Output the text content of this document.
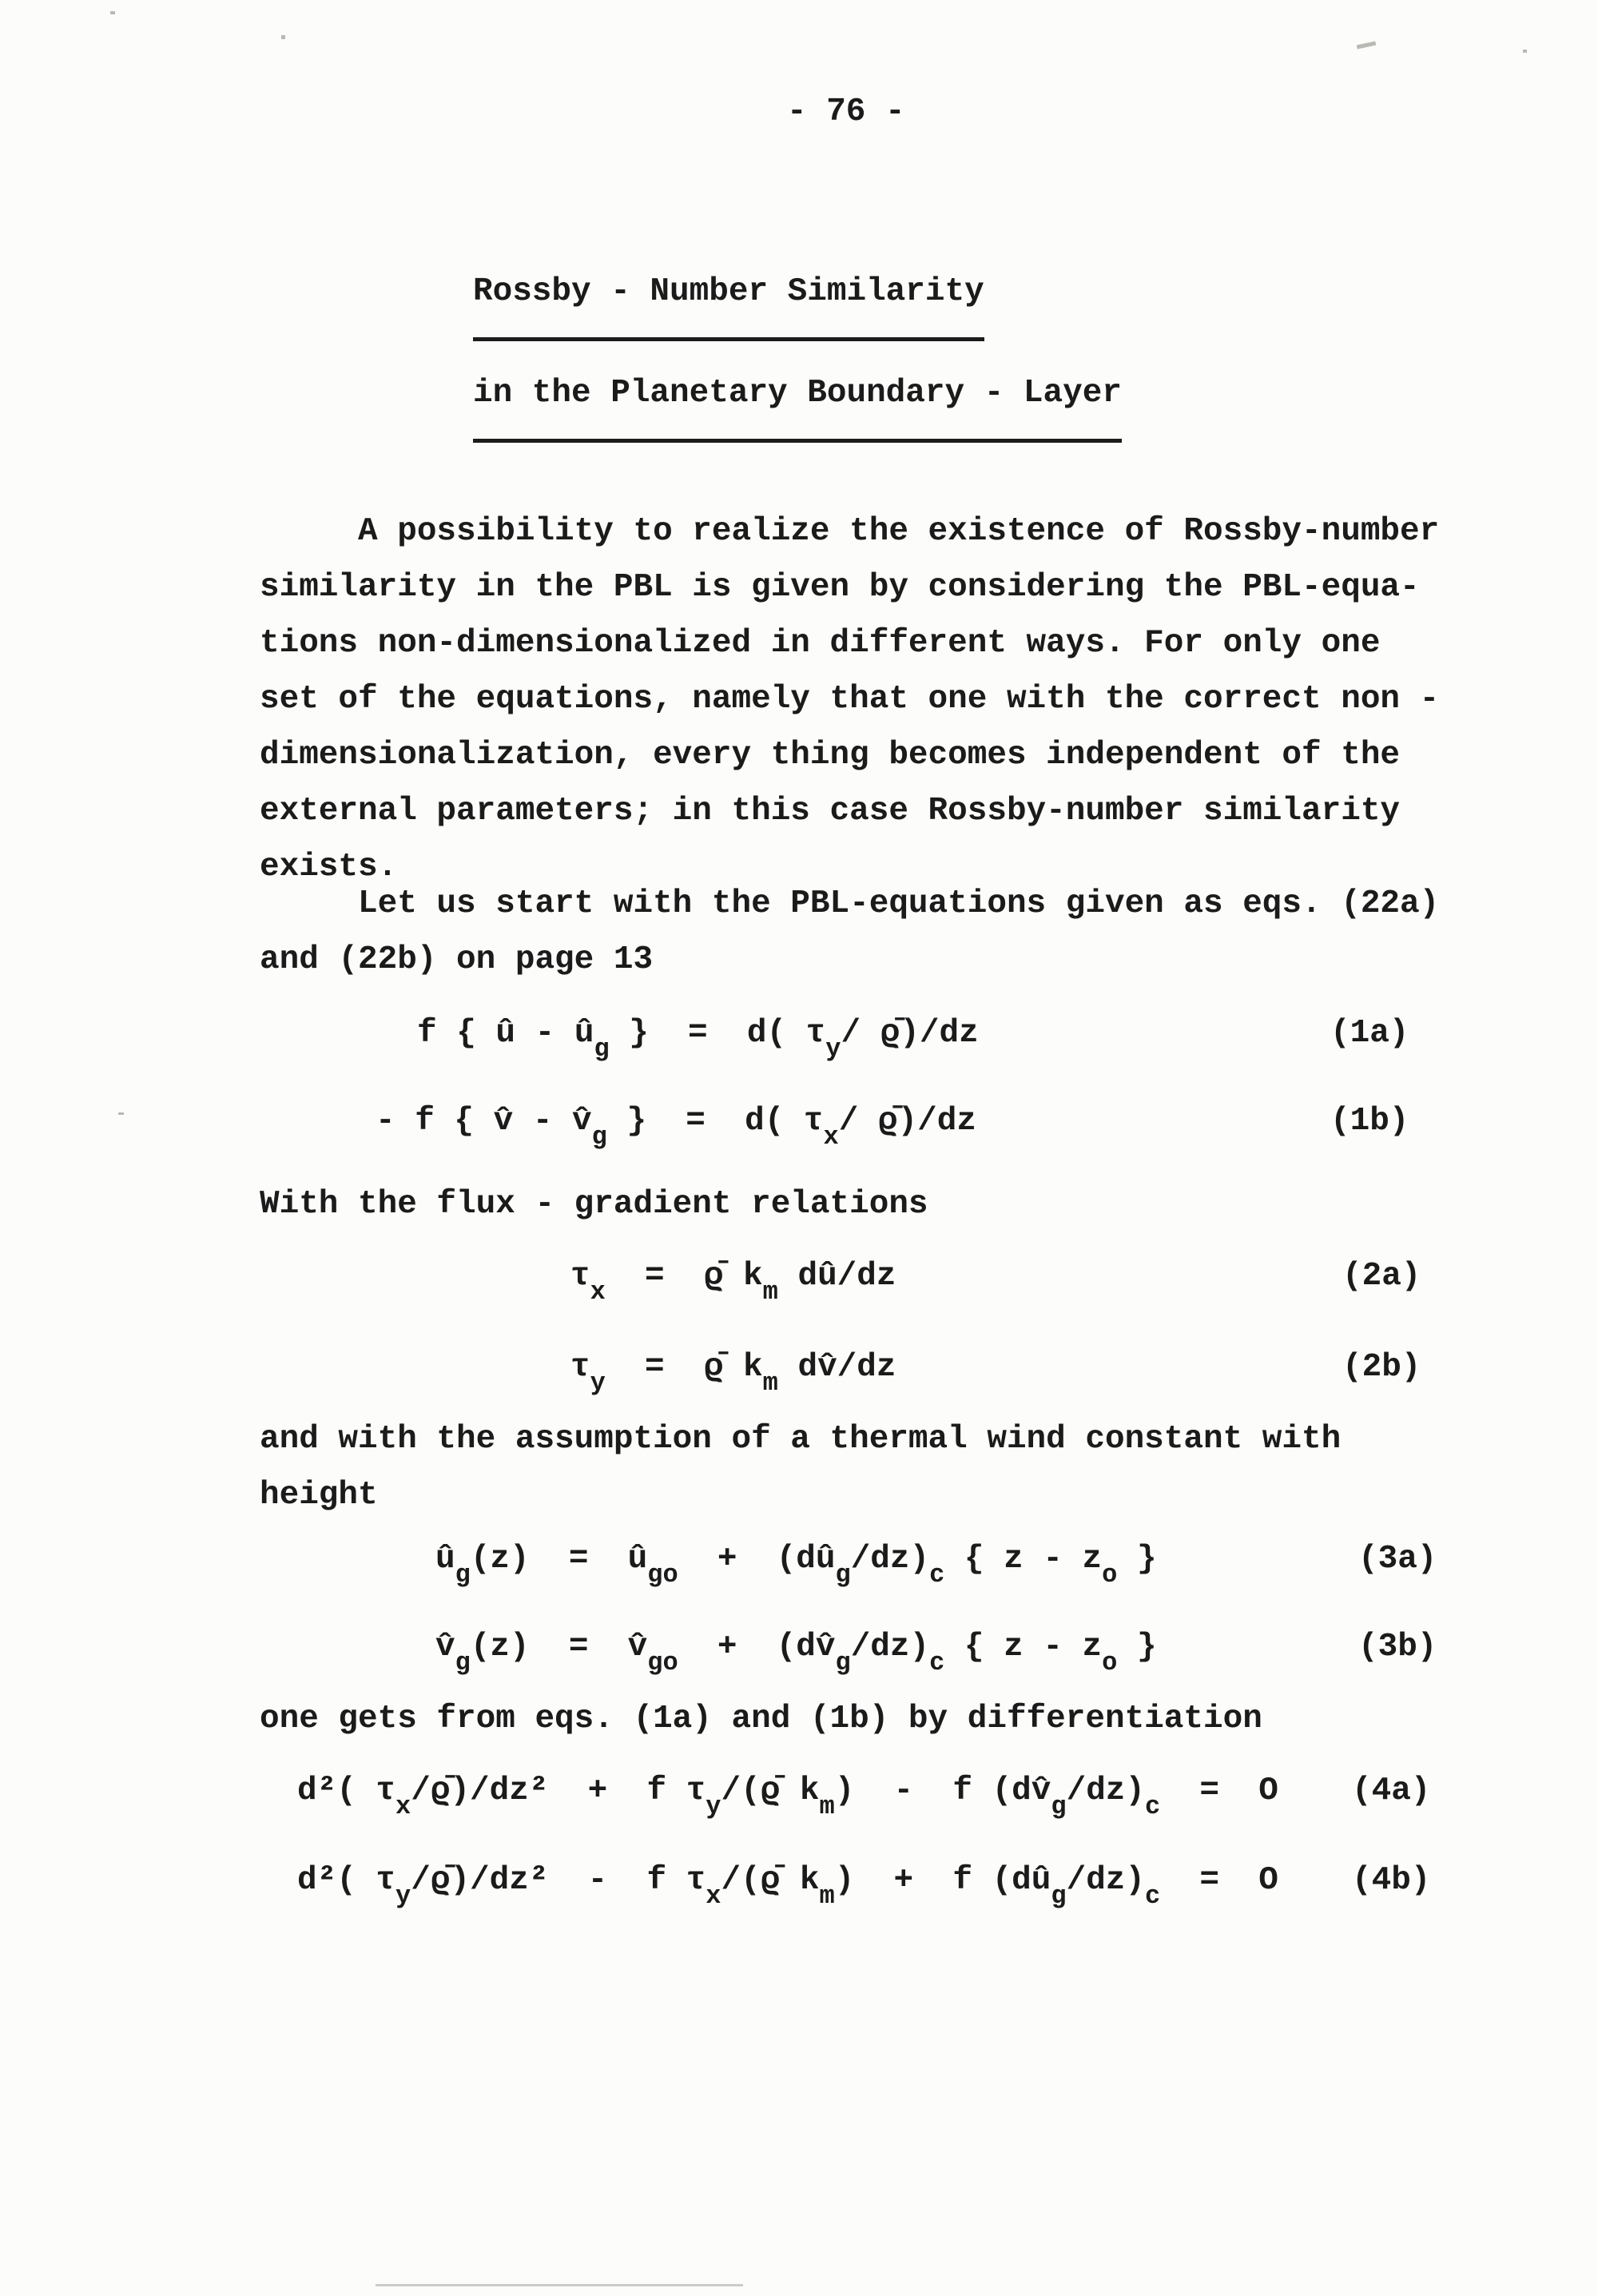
- 76 -
Rossby - Number Similarity
in the Planetary Boundary - Layer
A possibility to realize the existence of Rossby-number
similarity in the PBL is given by considering the PBL-equa-
tions non-dimensionalized in different ways. For only one
set of the equations, namely that one with the correct non -
dimensionalization, every thing becomes independent of the
external parameters; in this case Rossby-number similarity
exists.
Let us start with the PBL-equations given as eqs. (22a)
and (22b) on page 13
f { û - $û_g$ }  =  d( $\tau_y/$ ϱ̄)/dz	(1a)
- f { v̂ - $v̂_g$ }  =  d( $\tau_x/$ ϱ̄)/dz	(1b)
With the flux - gradient relations
$\tau_x$  =  ϱ̄ $k_m$ dû/dz	(2a)
$\tau_y$  =  ϱ̄ $k_m$ dv̂/dz	(2b)
and with the assumption of a thermal wind constant with
height
$û_g(z)$  =  $û_{go}$  +  $(dû_g/dz)_c$ { z - $z_o$ }	(3a)
$v̂_g(z)$  =  $v̂_{go}$  +  $(dv̂_g/dz)_c$ { z - $z_o$ }	(3b)
one gets from eqs. (1a) and (1b) by differentiation
d²( $\tau_x/ϱ̄$)/dz²  +  f $\tau_y/(ϱ̄$ $k_m$)  -  f $(dv̂_g/dz)_c = O$ (4a)
d²( $\tau_y/ϱ̄$)/dz²  -  f $\tau_x/(ϱ̄$ $k_m) + f$ $(dû_g/dz)_c = O$ (4b)
